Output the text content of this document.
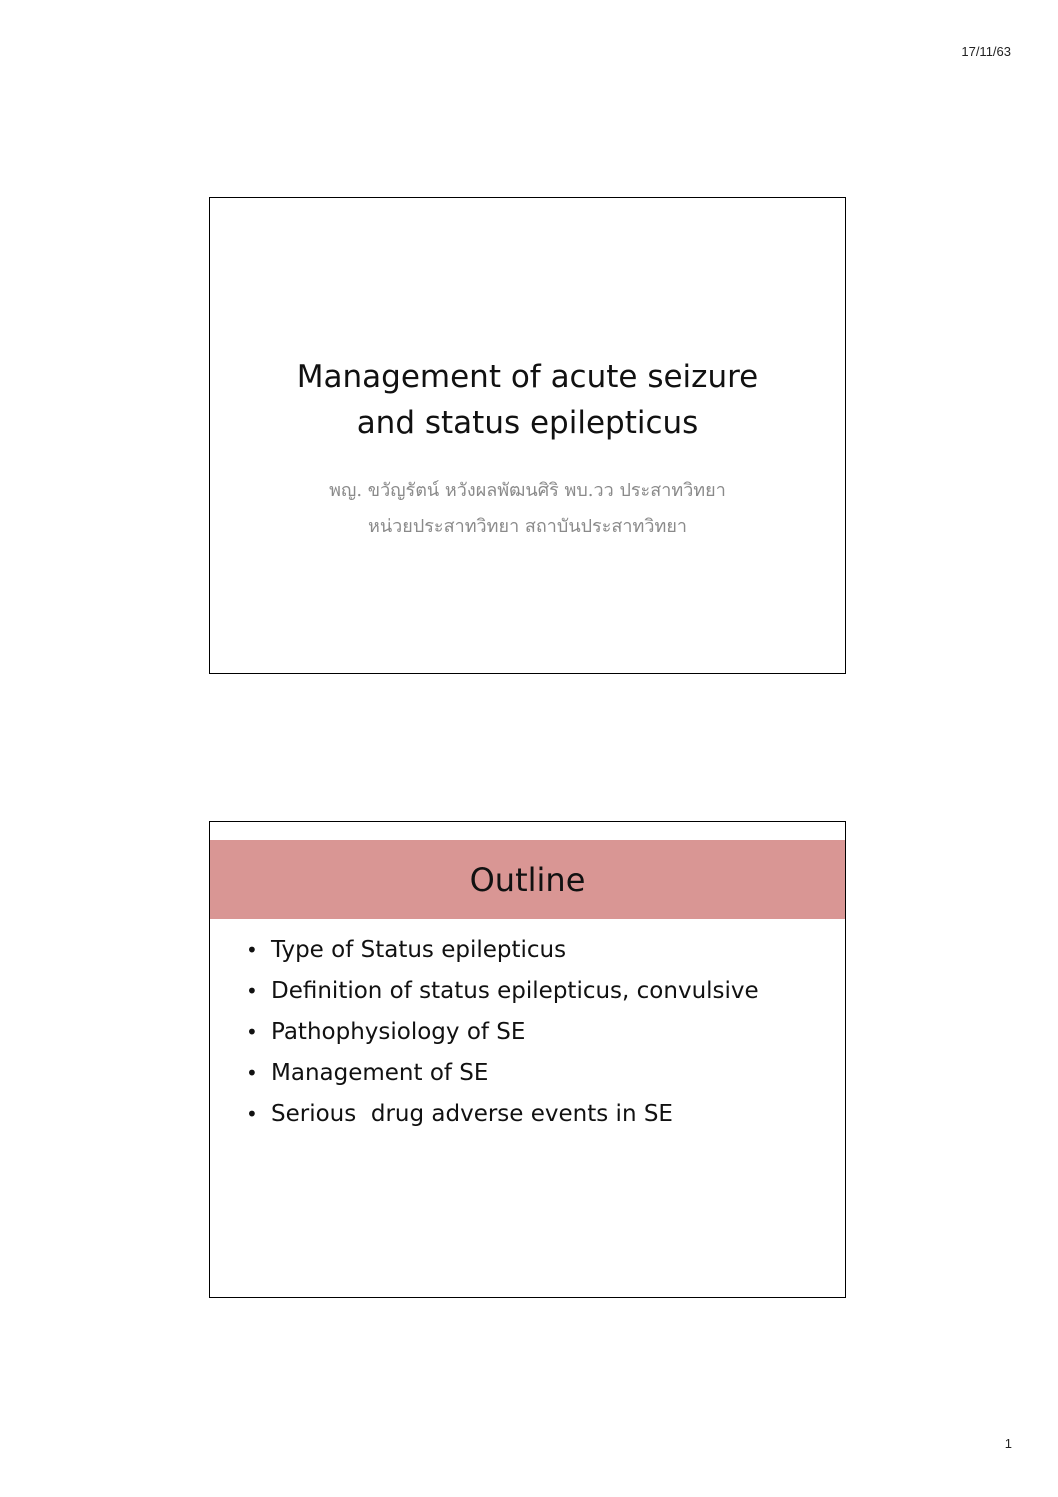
17/11/63
Management of acute seizure
and status epilepticus
พญ. ขวัญรัตน์ หวังผลพัฒนศิริ พบ.วว ประสาทวิทยา
หน่วยประสาทวิทยา สถาบันประสาทวิทยา
Outline
• Type of Status epilepticus
• Definition of status epilepticus, convulsive
• Pathophysiology of SE
• Management of SE
• Serious  drug adverse events in SE
1
